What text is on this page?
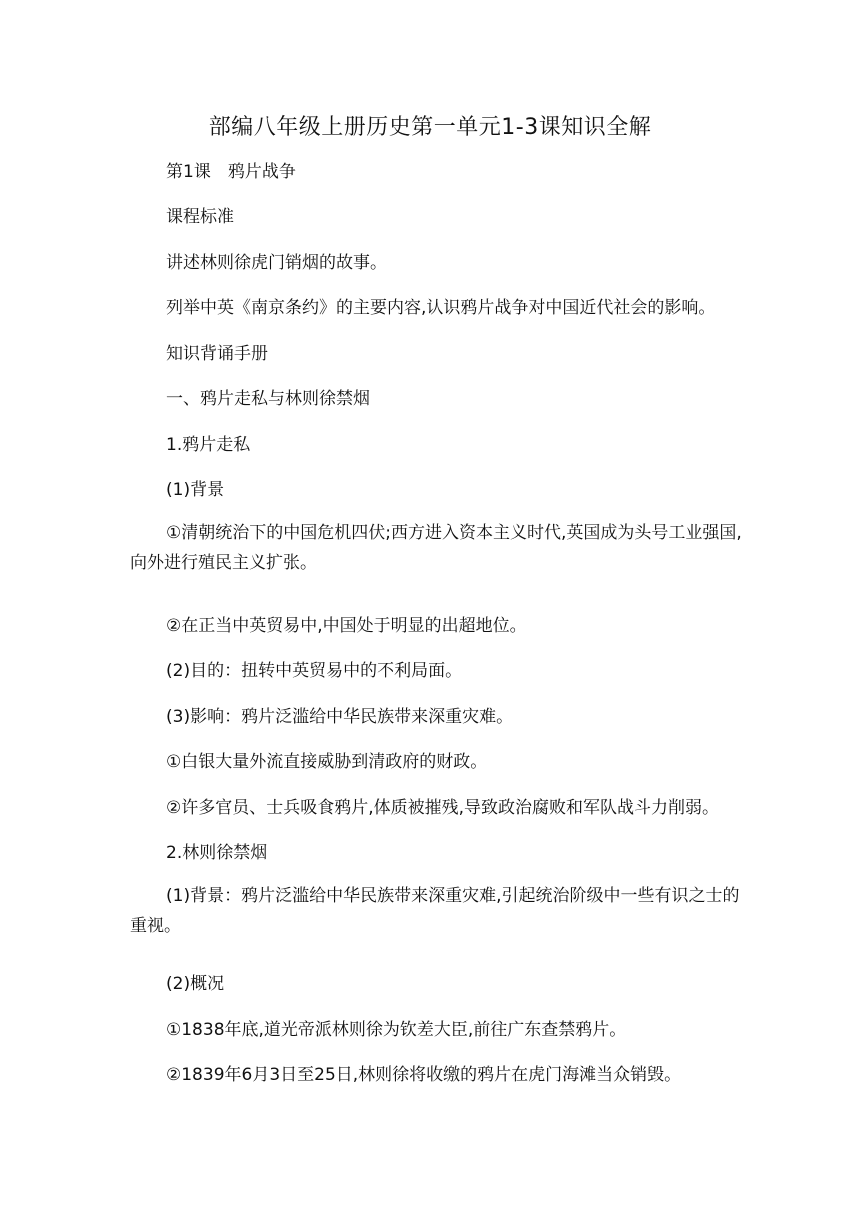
部编八年级上册历史第一单元1-3课知识全解
第1课　鸦片战争
课程标准
讲述林则徐虎门销烟的故事。
列举中英《南京条约》的主要内容,认识鸦片战争对中国近代社会的影响。
知识背诵手册
一、鸦片走私与林则徐禁烟
1.鸦片走私
(1)背景
①清朝统治下的中国危机四伏;西方进入资本主义时代,英国成为头号工业强国,向外进行殖民主义扩张。
②在正当中英贸易中,中国处于明显的出超地位。
(2)目的：扭转中英贸易中的不利局面。
(3)影响：鸦片泛滥给中华民族带来深重灾难。
①白银大量外流直接威胁到清政府的财政。
②许多官员、士兵吸食鸦片,体质被摧残,导致政治腐败和军队战斗力削弱。
2.林则徐禁烟
(1)背景：鸦片泛滥给中华民族带来深重灾难,引起统治阶级中一些有识之士的重视。
(2)概况
①1838年底,道光帝派林则徐为钦差大臣,前往广东查禁鸦片。
②1839年6月3日至25日,林则徐将收缴的鸦片在虎门海滩当众销毁。
